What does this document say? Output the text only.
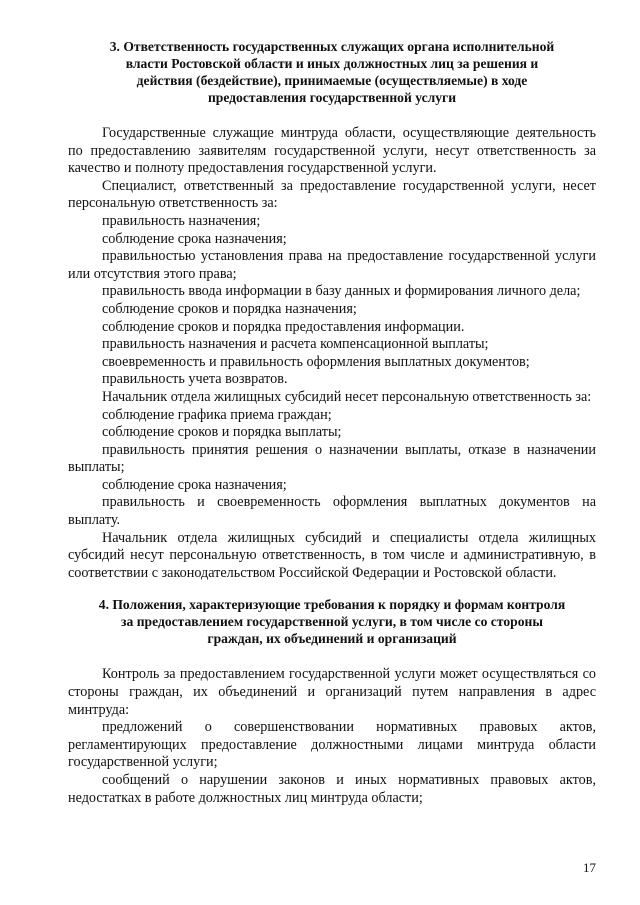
3. Ответственность государственных служащих органа исполнительной
власти Ростовской области и иных должностных лиц за решения и
действия (бездействие), принимаемые (осуществляемые) в ходе
предоставления государственной услуги

Государственные служащие минтруда области, осуществляющие деятельность по предоставлению заявителям государственной услуги, несут ответственность за качество и полноту предоставления государственной услуги.

Специалист, ответственный за предоставление государственной услуги, несет персональную ответственность за:

правильность назначения;

соблюдение срока назначения;

правильностью установления права на предоставление государственной услуги или отсутствия этого права;

правильность ввода информации в базу данных и формирования личного дела;

соблюдение сроков и порядка назначения;

соблюдение сроков и порядка предоставления информации.

правильность назначения и расчета компенсационной выплаты;

своевременность и правильность оформления выплатных документов;

правильность учета возвратов.

Начальник отдела жилищных субсидий несет персональную ответственность за:

соблюдение графика приема граждан;

соблюдение сроков и порядка выплаты;

правильность принятия решения о назначении выплаты, отказе в назначении выплаты;

соблюдение срока назначения;

правильность и своевременность оформления выплатных документов на выплату.

Начальник отдела жилищных субсидий и специалисты отдела жилищных субсидий несут персональную ответственность, в том числе и административную, в соответствии с законодательством Российской Федерации и Ростовской области.

4. Положения, характеризующие требования к порядку и формам контроля
за предоставлением государственной услуги, в том числе со стороны
граждан, их объединений и организаций

Контроль за предоставлением государственной услуги может осуществляться со стороны граждан, их объединений и организаций путем направления в адрес минтруда:

предложений о совершенствовании нормативных правовых актов, регламентирующих предоставление должностными лицами минтруда области государственной услуги;

сообщений о нарушении законов и иных нормативных правовых актов, недостатках в работе должностных лиц минтруда области;

17
